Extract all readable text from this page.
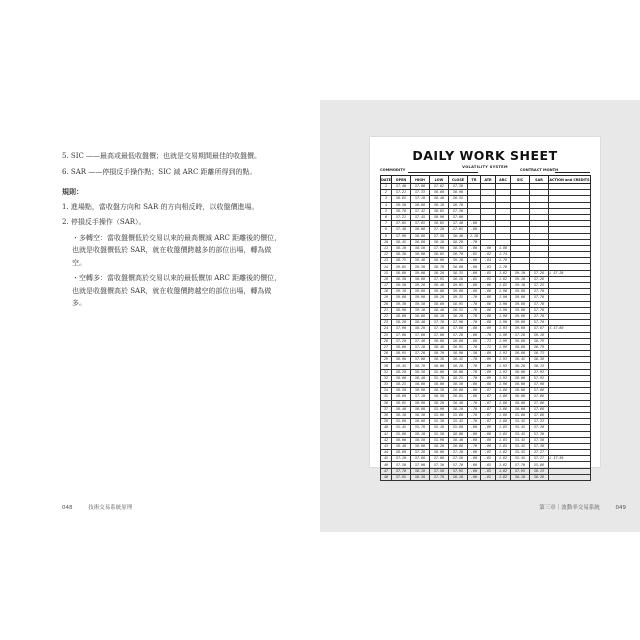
5. SIC ——最高或最低收盤價；也就是交易期間最佳的收盤價。

6. SAR ——停損反手操作點；SIC 減 ARC 距離所得到的點。

規則：

1. 進場點，當收盤方向和 SAR 的方向相反時，以收盤價進場。

2. 停損反手操作（SAR）。

・多轉空：當收盤價低於交易以來的最高價減 ARC 距離後的價位，也就是收盤價低於 SAR，就在收盤價跨越多的部位出場，轉為做空。

・空轉多：當收盤價高於交易以來的最低價加 ARC 距離後的價位，也就是收盤價高於 SAR，就在收盤價跨越空的部位出場，轉為做多。

048	技術交易系統原理
DAILY WORK SHEET
VOLATILITY SYSTEM
COMMODITY	CONTRACT MONTH
DATE	OPEN	HIGH	LOW	CLOSE	TR	ATR	ARC	SIC	SAR	ACTION and CREDITS
1	57.40	57.80	57.02	57.30						
2	57.21	57.33	56.80	56.90						
3	56.85	57.10	56.40	56.55						
4	56.50	56.80	56.10	56.70						
5	56.70	57.42	56.65	57.30						
6	57.21	57.45	56.90	57.00						
7	57.05	57.65	56.85	57.40	.80					
8	57.40	58.00	57.20	57.85	.80					
9	57.90	58.60	57.50	58.40	1.10					
10	58.45	58.80	58.10	58.20	.70					
11	58.10	58.50	57.90	58.35	.60	.60	1.68			
12	58.30	58.90	58.05	58.70	.85	.62	1.74			
13	58.75	59.40	58.60	59.10	.80	.64	1.79			
14	59.05	59.30	58.70	58.80	.60	.63	1.76			
15	58.80	59.00	58.20	58.35	.80	.65	1.82	59.10	57.28	L 57.28
16	58.30	58.60	57.95	58.50	.65	.65	1.82	59.10	57.28	
17	58.50	59.20	58.40	59.05	.80	.66	1.85	59.10	57.25	
18	59.10	59.80	59.00	59.60	.80	.68	1.90	59.60	57.70	
19	59.60	59.90	59.20	59.35	.70	.68	1.90	59.60	57.70	
20	59.30	59.50	58.80	58.95	.70	.68	1.90	59.60	57.70	
21	58.90	59.10	58.40	58.55	.70	.68	1.90	59.60	57.70	
22	58.60	58.80	58.10	58.20	.70	.68	1.90	59.60	57.70	
23	58.20	58.40	57.70	57.90	.70	.68	1.90	59.60	57.70	
24	57.90	58.20	57.40	57.60	.80	.69	1.93	59.60	57.67	S 57.60
25	57.60	57.80	57.00	57.20	.80	.70	1.96	57.20	59.16	
26	57.20	57.40	56.60	56.80	.80	.71	1.99	56.80	58.79	
27	56.80	57.10	56.40	56.95	.70	.71	1.99	56.80	58.79	
28	56.95	57.20	56.70	56.90	.50	.69	1.93	56.80	58.73	
29	56.90	57.00	56.30	56.45	.70	.69	1.93	56.45	58.38	
30	56.45	56.70	56.00	56.20	.70	.69	1.93	56.20	58.13	
31	56.20	56.50	55.80	56.00	.70	.69	1.93	56.00	57.93	
32	56.00	56.40	55.70	56.25	.70	.69	1.93	56.00	57.93	
33	56.25	56.60	56.00	56.50	.60	.68	1.90	56.00	57.90	
34	56.50	56.90	56.30	56.80	.60	.67	1.88	56.00	57.88	
35	56.80	57.10	56.50	56.65	.60	.67	1.88	56.00	57.88	
36	56.65	56.90	56.20	56.40	.70	.67	1.88	56.00	57.88	
37	56.40	56.60	55.90	56.10	.70	.67	1.88	56.00	57.88	
38	56.10	56.30	55.60	55.80	.70	.67	1.88	55.80	57.68	
39	55.80	56.00	55.30	55.45	.70	.67	1.88	55.45	57.33	
40	55.45	55.70	55.10	55.60	.60	.66	1.85	55.45	57.30	
41	55.60	56.10	55.50	56.00	.60	.66	1.85	55.45	57.30	
42	56.00	56.50	55.90	56.40	.60	.66	1.85	55.45	57.30	
43	56.40	56.90	56.20	56.80	.70	.66	1.85	55.45	57.30	
44	56.80	57.20	56.60	57.10	.60	.65	1.82	55.45	57.27	
45	57.10	57.60	57.00	57.50	.60	.65	1.82	55.45	57.27	L 57.50
46	57.50	57.90	57.30	57.70	.60	.65	1.82	57.70	55.88	
47	57.70	58.10	57.50	57.95	.60	.65	1.82	57.95	56.13	
48	57.95	58.30	57.70	58.10	.60	.65	1.82	58.10	56.28	
第三章｜波動率交易系統	049
